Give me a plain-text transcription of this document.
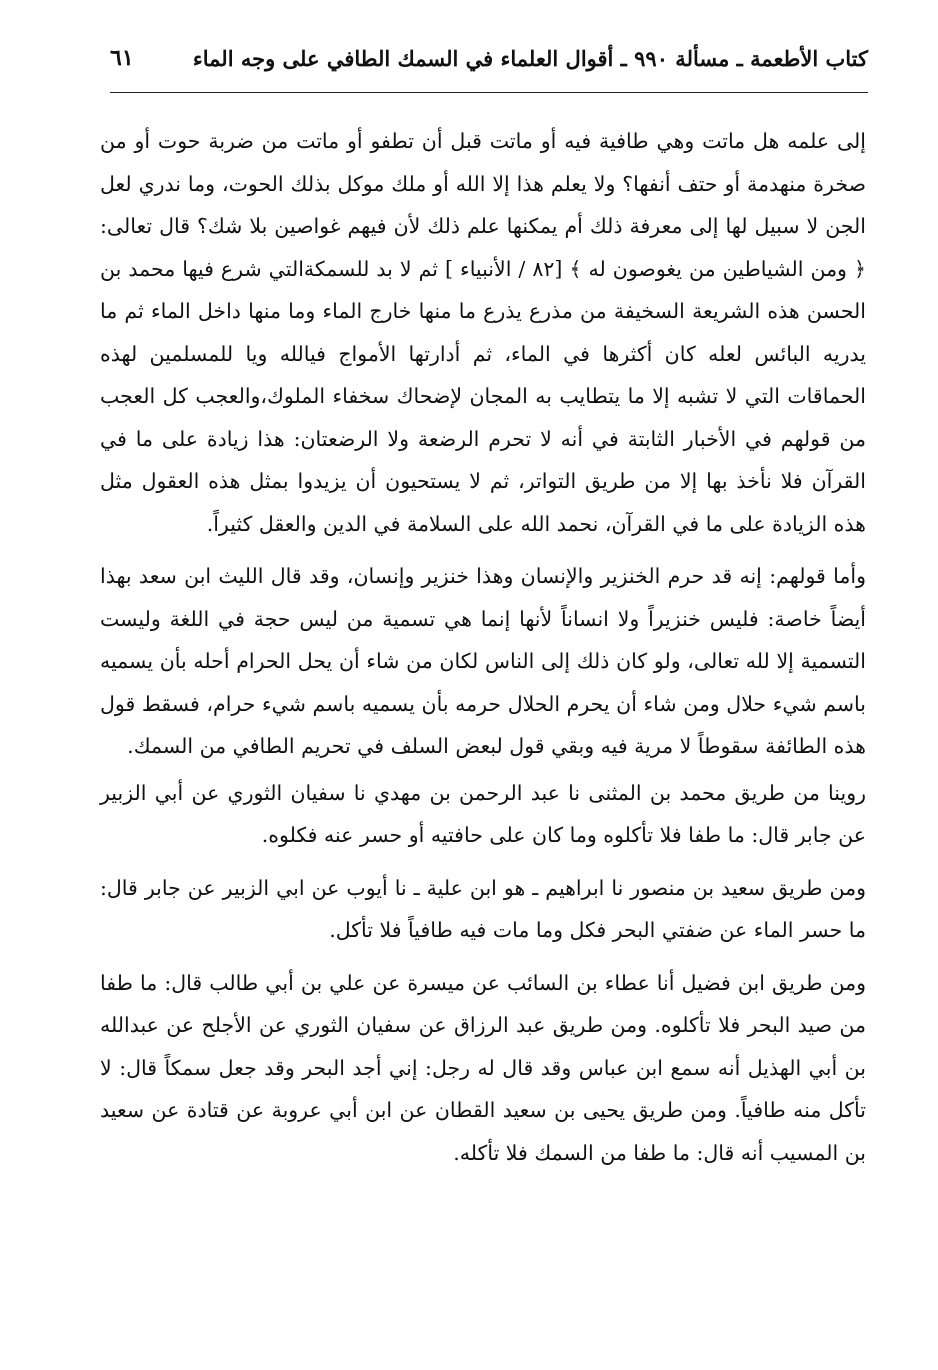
كتاب الأطعمة ـ مسألة ٩٩٠ ـ أقوال العلماء في السمك الطافي على وجه الماء
٦١

إلى علمه هل ماتت وهي طافية فيه أو ماتت قبل أن تطفو أو ماتت من ضربة حوت أو من صخرة منهدمة أو حتف أنفها؟ ولا يعلم هذا إلا الله أو ملك موكل بذلك الحوت، وما ندري لعل الجن لا سبيل لها إلى معرفة ذلك أم يمكنها علم ذلك لأن فيهم غواصين بلا شك؟ قال تعالى: ﴿ ومن الشياطين من يغوصون له ﴾ [٨٢ / الأنبياء ] ثم لا بد للسمكةالتي شرع فيها محمد بن الحسن هذه الشريعة السخيفة من مذرع يذرع ما منها خارج الماء وما منها داخل الماء ثم ما يدريه البائس لعله كان أكثرها في الماء، ثم أدارتها الأمواج فيالله ويا للمسلمين لهذه الحماقات التي لا تشبه إلا ما يتطايب به المجان لإضحاك سخفاء الملوك،والعجب كل العجب من قولهم في الأخبار الثابتة في أنه لا تحرم الرضعة ولا الرضعتان: هذا زيادة على ما في القرآن فلا نأخذ بها إلا من طريق التواتر، ثم لا يستحيون أن يزيدوا بمثل هذه العقول مثل هذه الزيادة على ما في القرآن، نحمد الله على السلامة في الدين والعقل كثيراً.

وأما قولهم: إنه قد حرم الخنزير والإنسان وهذا خنزير وإنسان، وقد قال الليث ابن سعد بهذا أيضاً خاصة: فليس خنزيراً ولا انساناً لأنها إنما هي تسمية من ليس حجة في اللغة وليست التسمية إلا لله تعالى، ولو كان ذلك إلى الناس لكان من شاء أن يحل الحرام أحله بأن يسميه باسم شيء حلال ومن شاء أن يحرم الحلال حرمه بأن يسميه باسم شيء حرام، فسقط قول هذه الطائفة سقوطاً لا مرية فيه وبقي قول لبعض السلف في تحريم الطافي من السمك.

روينا من طريق محمد بن المثنى نا عبد الرحمن بن مهدي نا سفيان الثوري عن أبي الزبير عن جابر قال: ما طفا فلا تأكلوه وما كان على حافتيه أو حسر عنه فكلوه.

ومن طريق سعيد بن منصور نا ابراهيم ـ هو ابن علية ـ نا أيوب عن ابي الزبير عن جابر قال: ما حسر الماء عن ضفتي البحر فكل وما مات فيه طافياً فلا تأكل.

ومن طريق ابن فضيل أنا عطاء بن السائب عن ميسرة عن علي بن أبي طالب قال: ما طفا من صيد البحر فلا تأكلوه. ومن طريق عبد الرزاق عن سفيان الثوري عن الأجلح عن عبدالله بن أبي الهذيل أنه سمع ابن عباس وقد قال له رجل: إني أجد البحر وقد جعل سمكاً قال: لا تأكل منه طافياً. ومن طريق يحيى بن سعيد القطان عن ابن أبي عروبة عن قتادة عن سعيد بن المسيب أنه قال: ما طفا من السمك فلا تأكله.
